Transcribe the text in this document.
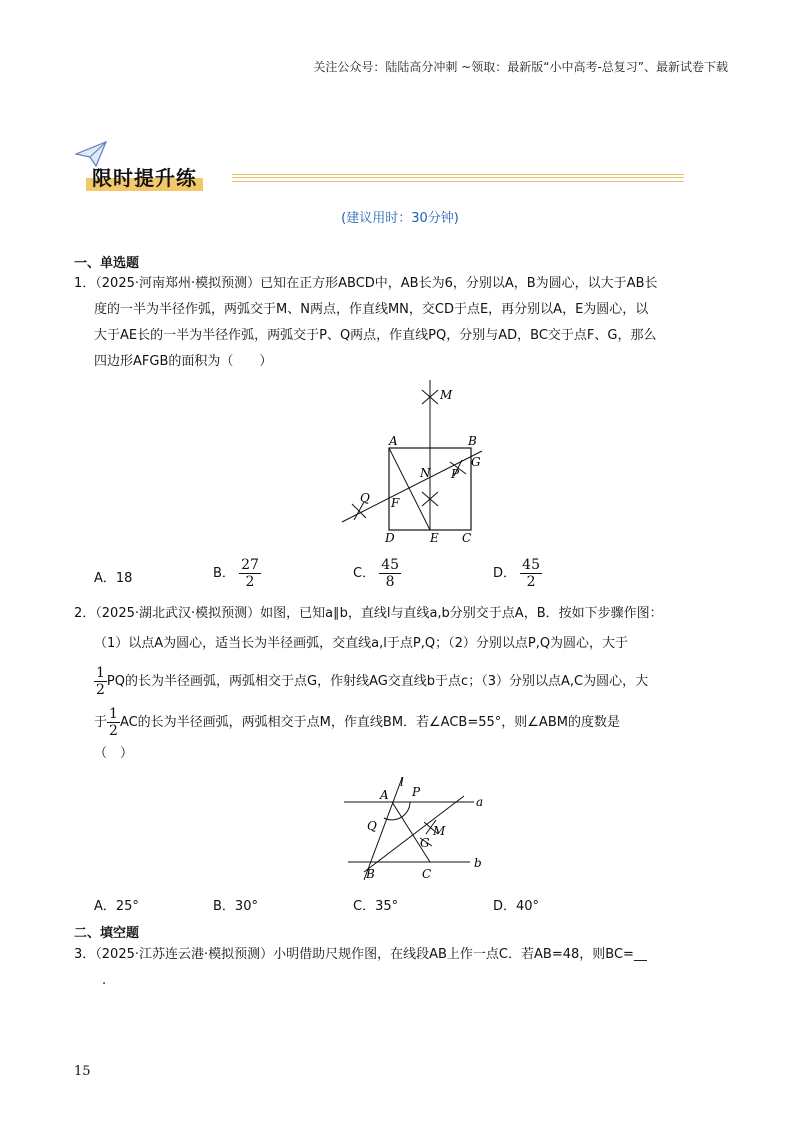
关注公众号：陆陆高分冲刺 ~领取：最新版“小中高考-总复习”、最新试卷下载
限时提升练
(建议用时：30分钟)
一、单选题
1．（2025·河南郑州·模拟预测）已知在正方形ABCD中，AB长为6，分别以A，B为圆心，以大于AB长
度的一半为半径作弧，两弧交于M、N两点，作直线MN，交CD于点E，再分别以A，E为圆心，以
大于AE长的一半为半径作弧，两弧交于P、Q两点，作直线PQ，分别与AD，BC交于点F、G，那么
四边形AFGB的面积为（　　）
M
A	B
N
G
P
Q F
D	E C
A．18	B． $\frac{27}{2}$	C． $\frac{45}{8}$	D． $\frac{45}{2}$
2．（2025·湖北武汉·模拟预测）如图，已知a∥b，直线l与直线a,b分别交于点A，B．按如下步骤作图：
（1）以点A为圆心，适当长为半径画弧，交直线a,l于点P,Q；（2）分别以点P,Q为圆心，大于
$\frac{1}{2}$ PQ的长为半径画弧，两弧相交于点G，作射线AG交直线b于点c；（3）分别以点A,C为圆心，大
于 $\frac{1}{2}$ AC的长为半径画弧，两弧相交于点M，作直线BM．若∠ACB=55°，则∠ABM的度数是
（　）
l
A P
a
Q	M
G
b
B	C
A．25°	B．30°	C．35°	D．40°
二、填空题
3．（2025·江苏连云港·模拟预测）小明借助尺规作图，在线段AB上作一点C．若AB=48，则BC=__
.
15
